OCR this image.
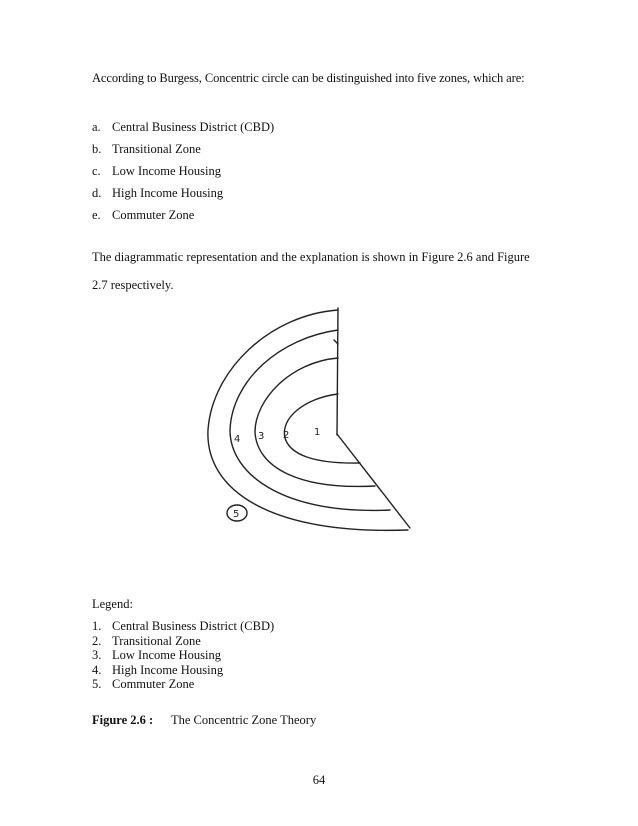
According to Burgess, Concentric circle can be distinguished into five zones, which are:

a. Central Business District (CBD)
b. Transitional Zone
c. Low Income Housing
d. High Income Housing
e. Commuter Zone

The diagrammatic representation and the explanation is shown in Figure 2.6 and Figure 2.7 respectively.

1
2
3
4
5
Legend:
1. Central Business District (CBD)
2. Transitional Zone
3. Low Income Housing
4. High Income Housing
5. Commuter Zone
Figure 2.6 : The Concentric Zone Theory
64
